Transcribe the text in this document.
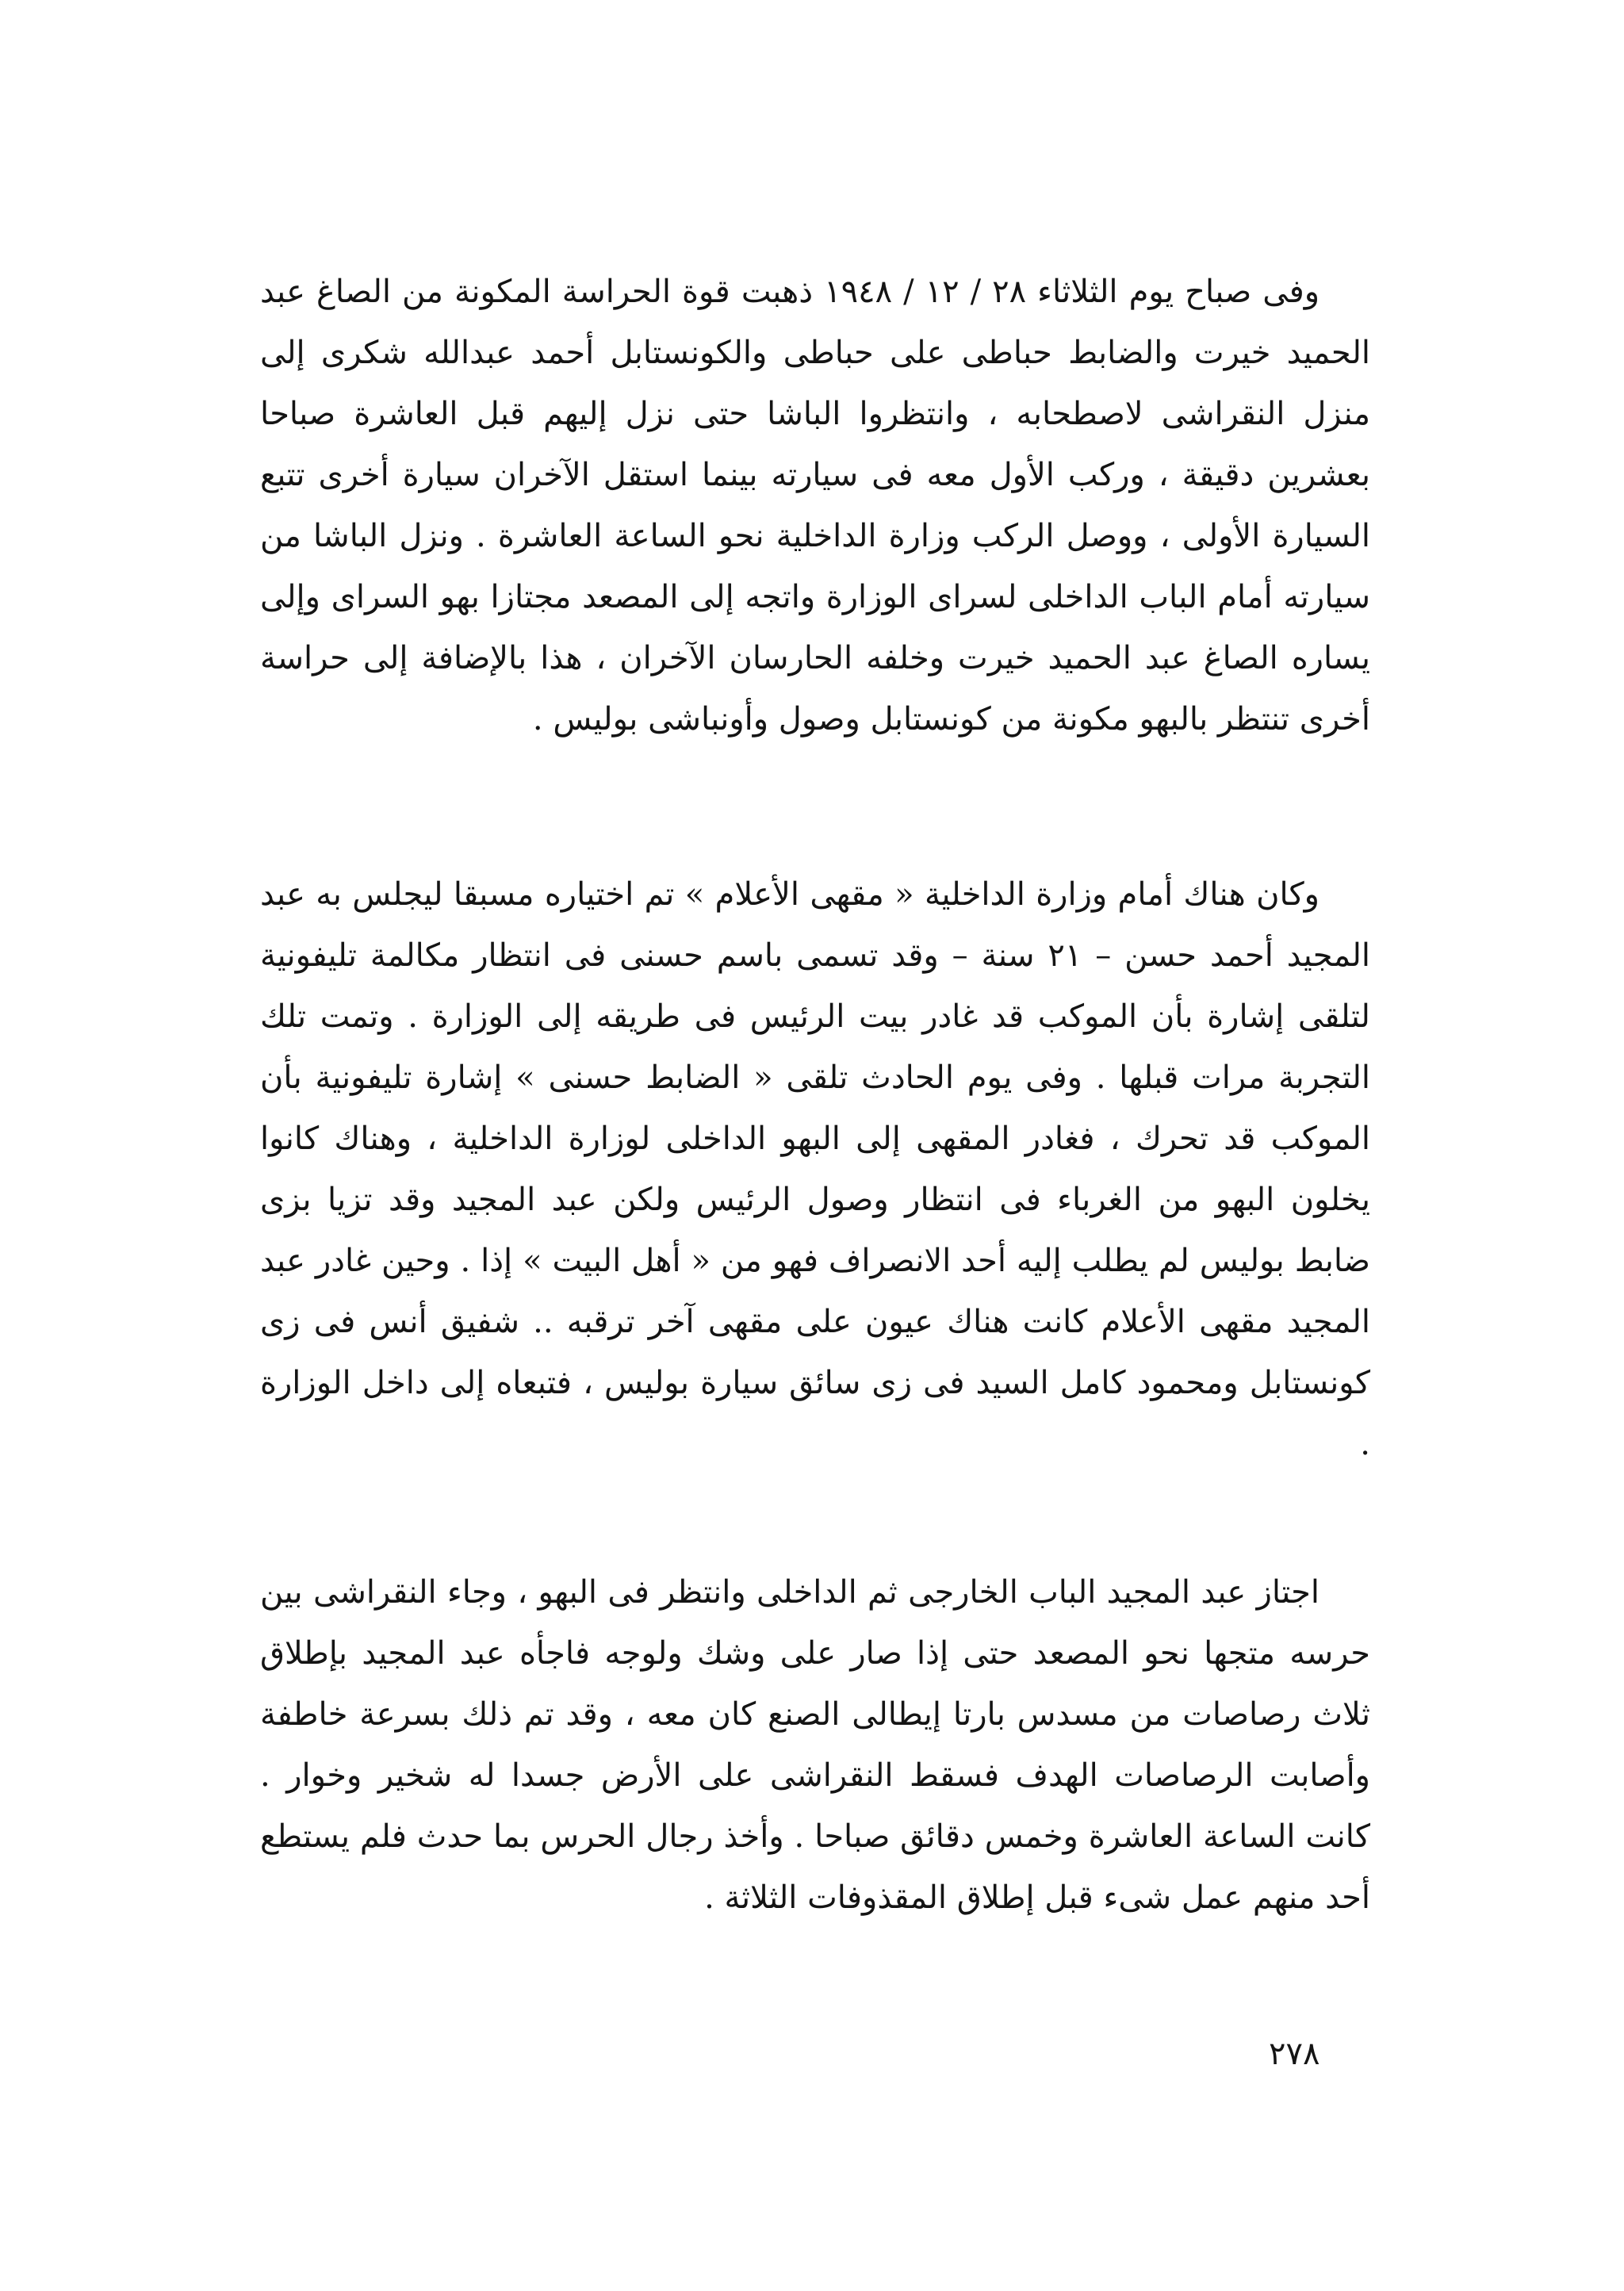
وفى صباح يوم الثلاثاء ٢٨ / ١٢ / ١٩٤٨ ذهبت قوة الحراسة المكونة من الصاغ عبد الحميد خيرت والضابط حباطى على حباطى والكونستابل أحمد عبدالله شكرى إلى منزل النقراشى لاصطحابه ، وانتظروا الباشا حتى نزل إليهم قبل العاشرة صباحا بعشرين دقيقة ، وركب الأول معه فى سيارته بينما استقل الآخران سيارة أخرى تتبع السيارة الأولى ، ووصل الركب وزارة الداخلية نحو الساعة العاشرة . ونزل الباشا من سيارته أمام الباب الداخلى لسراى الوزارة واتجه إلى المصعد مجتازا بهو السراى وإلى يساره الصاغ عبد الحميد خيرت وخلفه الحارسان الآخران ، هذا بالإضافة إلى حراسة أخرى تنتظر بالبهو مكونة من كونستابل وصول وأونباشى بوليس .

وكان هناك أمام وزارة الداخلية « مقهى الأعلام » تم اختياره مسبقا ليجلس به عبد المجيد أحمد حسن – ٢١ سنة – وقد تسمى باسم حسنى فى انتظار مكالمة تليفونية لتلقى إشارة بأن الموكب قد غادر بيت الرئيس فى طريقه إلى الوزارة . وتمت تلك التجربة مرات قبلها . وفى يوم الحادث تلقى « الضابط حسنى » إشارة تليفونية بأن الموكب قد تحرك ، فغادر المقهى إلى البهو الداخلى لوزارة الداخلية ، وهناك كانوا يخلون البهو من الغرباء فى انتظار وصول الرئيس ولكن عبد المجيد وقد تزيا بزى ضابط بوليس لم يطلب إليه أحد الانصراف فهو من « أهل البيت » إذا . وحين غادر عبد المجيد مقهى الأعلام كانت هناك عيون على مقهى آخر ترقبه .. شفيق أنس فى زى كونستابل ومحمود كامل السيد فى زى سائق سيارة بوليس ، فتبعاه إلى داخل الوزارة .

اجتاز عبد المجيد الباب الخارجى ثم الداخلى وانتظر فى البهو ، وجاء النقراشى بين حرسه متجها نحو المصعد حتى إذا صار على وشك ولوجه فاجأه عبد المجيد بإطلاق ثلاث رصاصات من مسدس بارتا إيطالى الصنع كان معه ، وقد تم ذلك بسرعة خاطفة وأصابت الرصاصات الهدف فسقط النقراشى على الأرض جسدا له شخير وخوار . كانت الساعة العاشرة وخمس دقائق صباحا . وأخذ رجال الحرس بما حدث فلم يستطع أحد منهم عمل شىء قبل إطلاق المقذوفات الثلاثة .

٢٧٨
